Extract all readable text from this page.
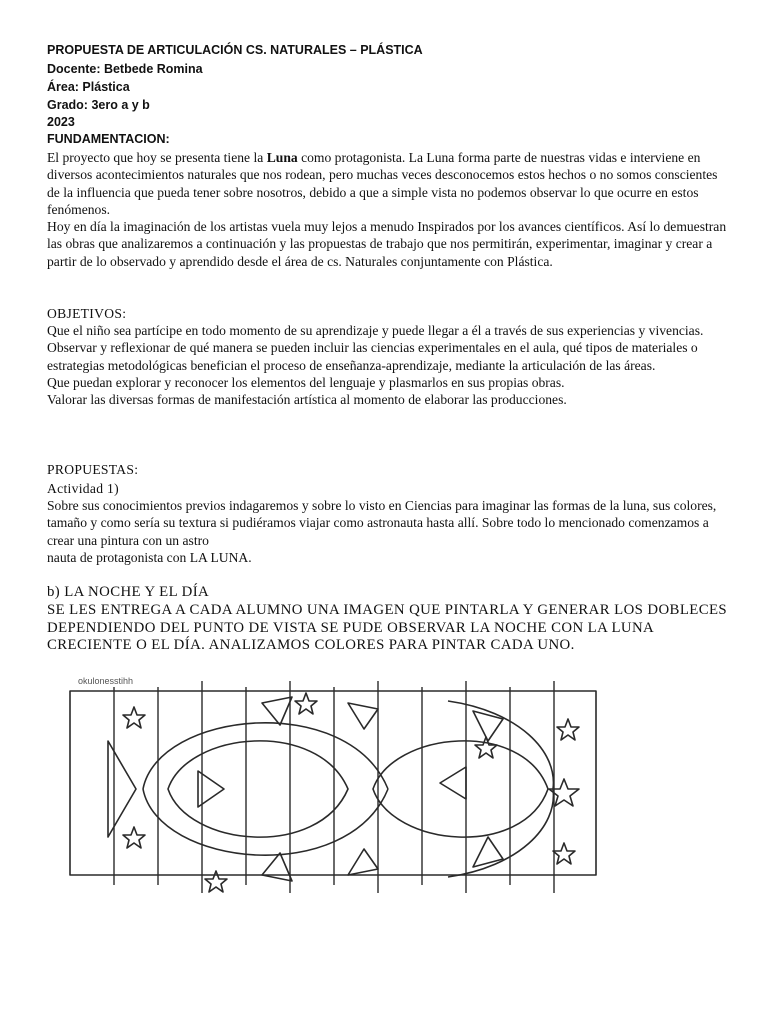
PROPUESTA DE ARTICULACIÓN CS. NATURALES – PLÁSTICA
Docente: Betbede Romina
Área: Plástica
Grado: 3ero a y b
2023
FUNDAMENTACION:

El proyecto que hoy se presenta tiene la Luna como protagonista. La Luna forma parte de nuestras vidas e interviene en diversos acontecimientos naturales que nos rodean, pero muchas veces desconocemos estos hechos o no somos conscientes de la influencia que pueda tener sobre nosotros, debido a que a simple vista no podemos observar lo que ocurre en estos fenómenos.

Hoy en día la imaginación de los artistas vuela muy lejos a menudo Inspirados por los avances científicos. Así lo demuestran las obras que analizaremos a continuación y las propuestas de trabajo que nos permitirán, experimentar, imaginar y crear a partir de lo observado y aprendido desde el área de cs. Naturales conjuntamente con Plástica.

OBJETIVOS:

Que el niño sea partícipe en todo momento de su aprendizaje y puede llegar a él a través de sus experiencias y vivencias.

Observar y reflexionar de qué manera se pueden incluir las ciencias experimentales en el aula, qué tipos de materiales o estrategias metodológicas benefician el proceso de enseñanza-aprendizaje, mediante la articulación de las áreas.

Que puedan explorar y reconocer los elementos del lenguaje y plasmarlos en sus propias obras.

Valorar las diversas formas de manifestación artística al momento de elaborar las producciones.

PROPUESTAS:
Actividad 1)

Sobre sus conocimientos previos indagaremos y sobre lo visto en Ciencias para imaginar las formas de la luna, sus colores, tamaño y como sería su textura si pudiéramos viajar como astronauta hasta allí. Sobre todo lo mencionado comenzamos a crear una pintura con un astro

nauta de protagonista con LA LUNA.

b) LA NOCHE Y EL DÍA

SE LES ENTREGA A CADA ALUMNO UNA IMAGEN QUE PINTARLA Y GENERAR LOS DOBLECES DEPENDIENDO DEL PUNTO DE VISTA SE PUDE OBSERVAR LA NOCHE CON LA LUNA CRECIENTE O EL DÍA. ANALIZAMOS COLORES PARA PINTAR CADA UNO.

okulonesstihh
